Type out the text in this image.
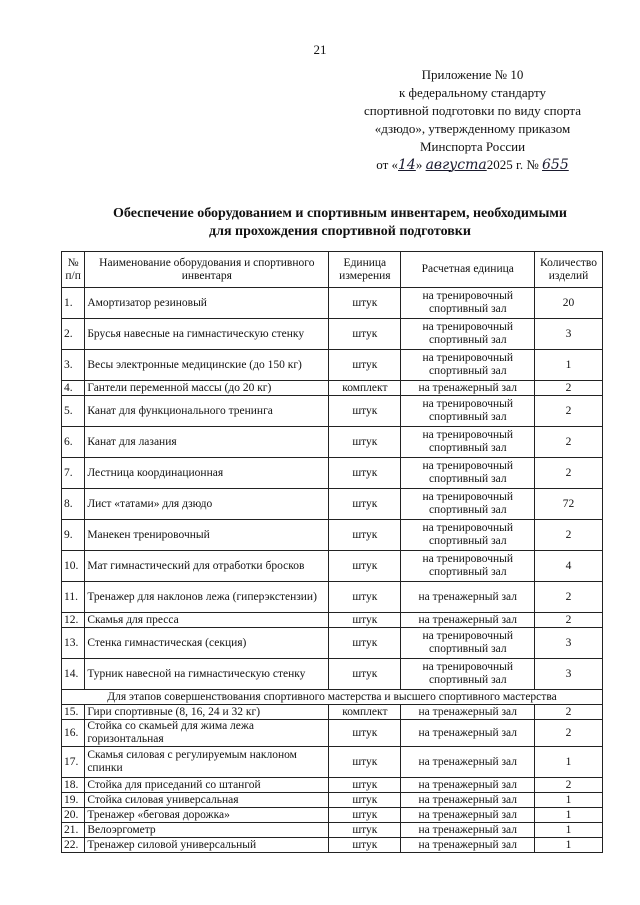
21
Приложение № 10
к федеральному стандарту
спортивной подготовки по виду спорта
«дзюдо», утвержденному приказом
Минспорта России
от «14» августа2025 г. № 655
Обеспечение оборудованием и спортивным инвентарем, необходимыми
для прохождения спортивной подготовки
№ п/п	Наименование оборудования и спортивного инвентаря	Единица измерения	Расчетная единица	Количество изделий
1.	Амортизатор резиновый	штук	на тренировочный спортивный зал	20
2.	Брусья навесные на гимнастическую стенку	штук	на тренировочный спортивный зал	3
3.	Весы электронные медицинские (до 150 кг)	штук	на тренировочный спортивный зал	1
4.	Гантели переменной массы (до 20 кг)	комплект	на тренажерный зал	2
5.	Канат для функционального тренинга	штук	на тренировочный спортивный зал	2
6.	Канат для лазания	штук	на тренировочный спортивный зал	2
7.	Лестница координационная	штук	на тренировочный спортивный зал	2
8.	Лист «татами» для дзюдо	штук	на тренировочный спортивный зал	72
9.	Манекен тренировочный	штук	на тренировочный спортивный зал	2
10.	Мат гимнастический для отработки бросков	штук	на тренировочный спортивный зал	4
11.	Тренажер для наклонов лежа (гиперэкстензии)	штук	на тренажерный зал	2
12.	Скамья для пресса	штук	на тренажерный зал	2
13.	Стенка гимнастическая (секция)	штук	на тренировочный спортивный зал	3
14.	Турник навесной на гимнастическую стенку	штук	на тренировочный спортивный зал	3
Для этапов совершенствования спортивного мастерства и высшего спортивного мастерства				
15.	Гири спортивные (8, 16, 24 и 32 кг)	комплект	на тренажерный зал	2
16.	Стойка со скамьей для жима лежа горизонтальная	штук	на тренажерный зал	2
17.	Скамья силовая с регулируемым наклоном спинки	штук	на тренажерный зал	1
18.	Стойка для приседаний со штангой	штук	на тренажерный зал	2
19.	Стойка силовая универсальная	штук	на тренажерный зал	1
20.	Тренажер «беговая дорожка»	штук	на тренажерный зал	1
21.	Велоэргометр	штук	на тренажерный зал	1
22.	Тренажер силовой универсальный	штук	на тренажерный зал	1
